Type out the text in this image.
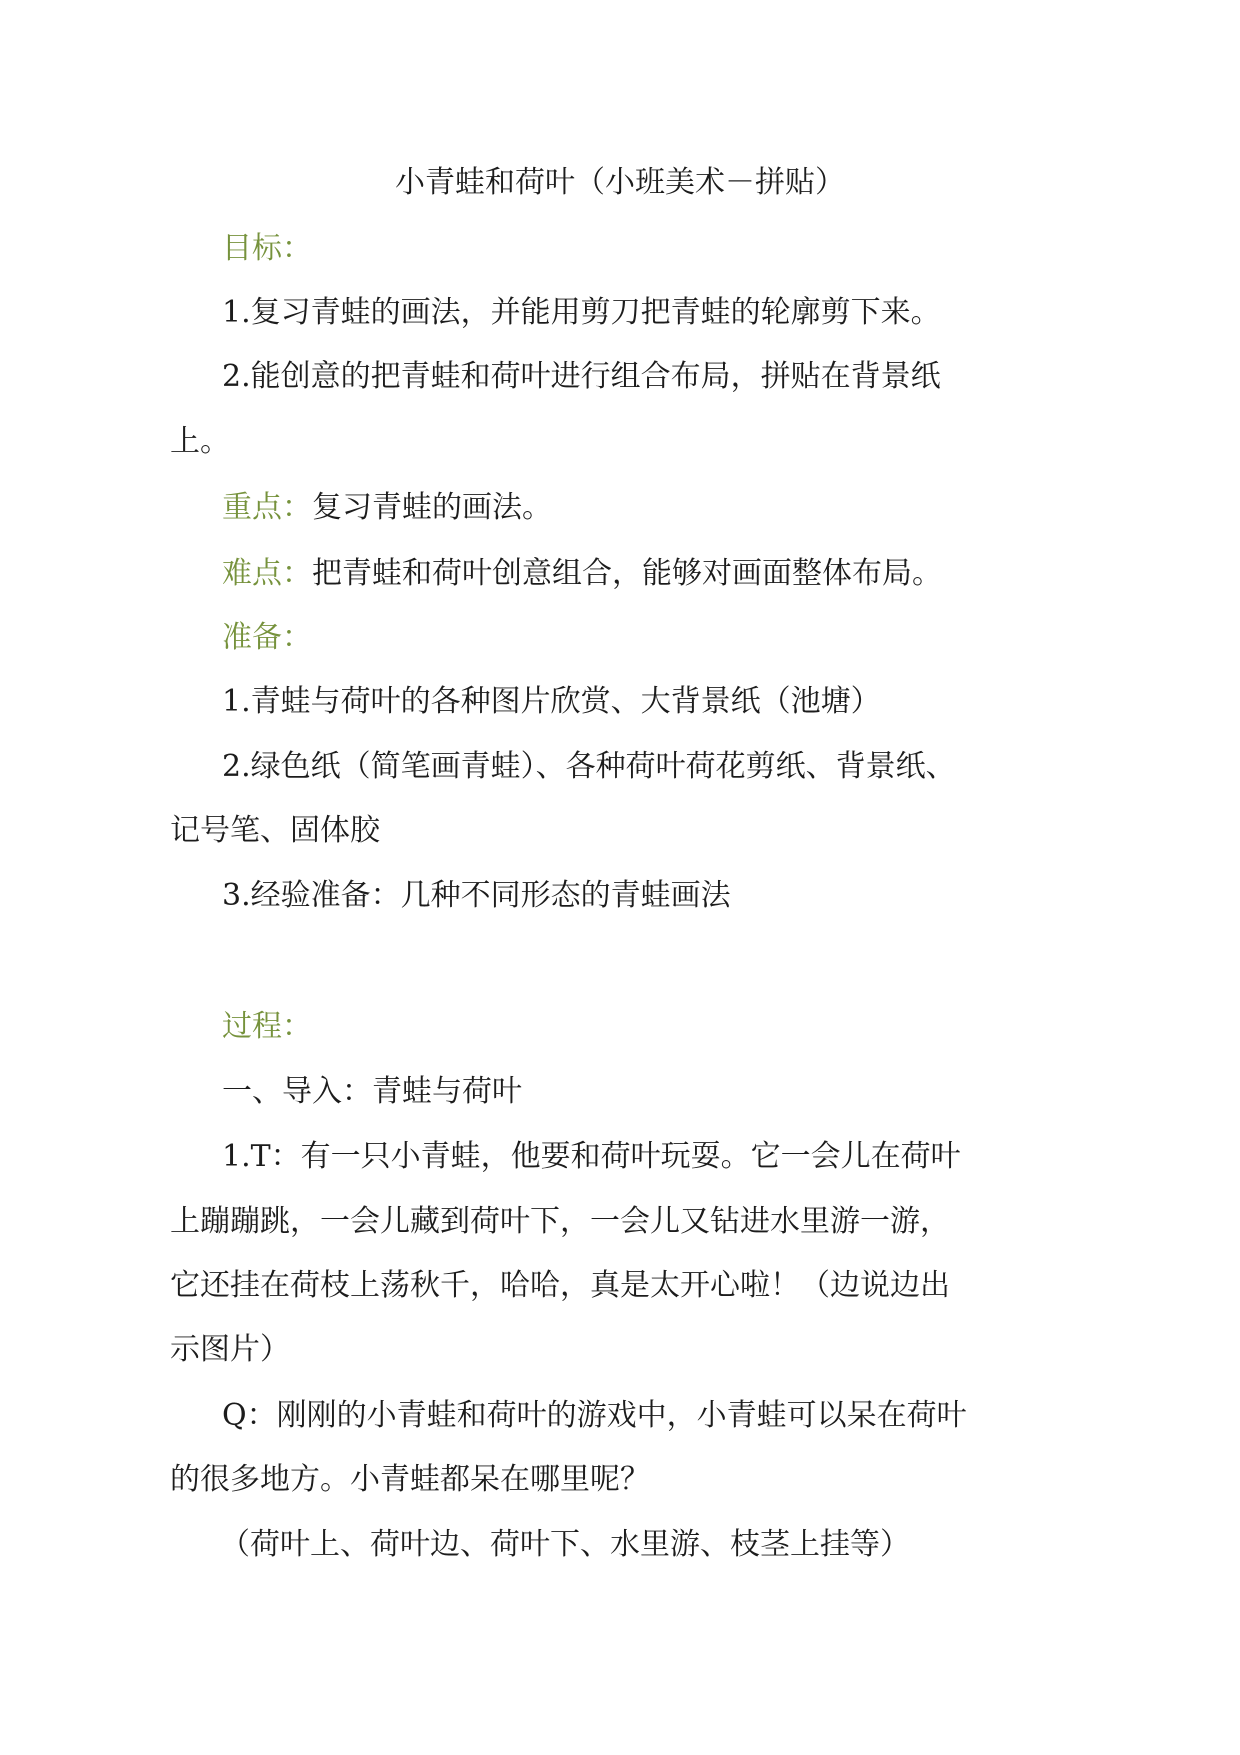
小青蛙和荷叶（小班美术－拼贴）
目标：
1.复习青蛙的画法，并能用剪刀把青蛙的轮廓剪下来。
2.能创意的把青蛙和荷叶进行组合布局，拼贴在背景纸
上。
重点：复习青蛙的画法。
难点：把青蛙和荷叶创意组合，能够对画面整体布局。
准备：
1.青蛙与荷叶的各种图片欣赏、大背景纸（池塘）
2.绿色纸（简笔画青蛙）、各种荷叶荷花剪纸、背景纸、
记号笔、固体胶
3.经验准备：几种不同形态的青蛙画法
过程：
一、导入：青蛙与荷叶
1.T：有一只小青蛙，他要和荷叶玩耍。它一会儿在荷叶
上蹦蹦跳，一会儿藏到荷叶下，一会儿又钻进水里游一游，
它还挂在荷枝上荡秋千，哈哈，真是太开心啦！（边说边出
示图片）
Q：刚刚的小青蛙和荷叶的游戏中，小青蛙可以呆在荷叶
的很多地方。小青蛙都呆在哪里呢？
（荷叶上、荷叶边、荷叶下、水里游、枝茎上挂等）
